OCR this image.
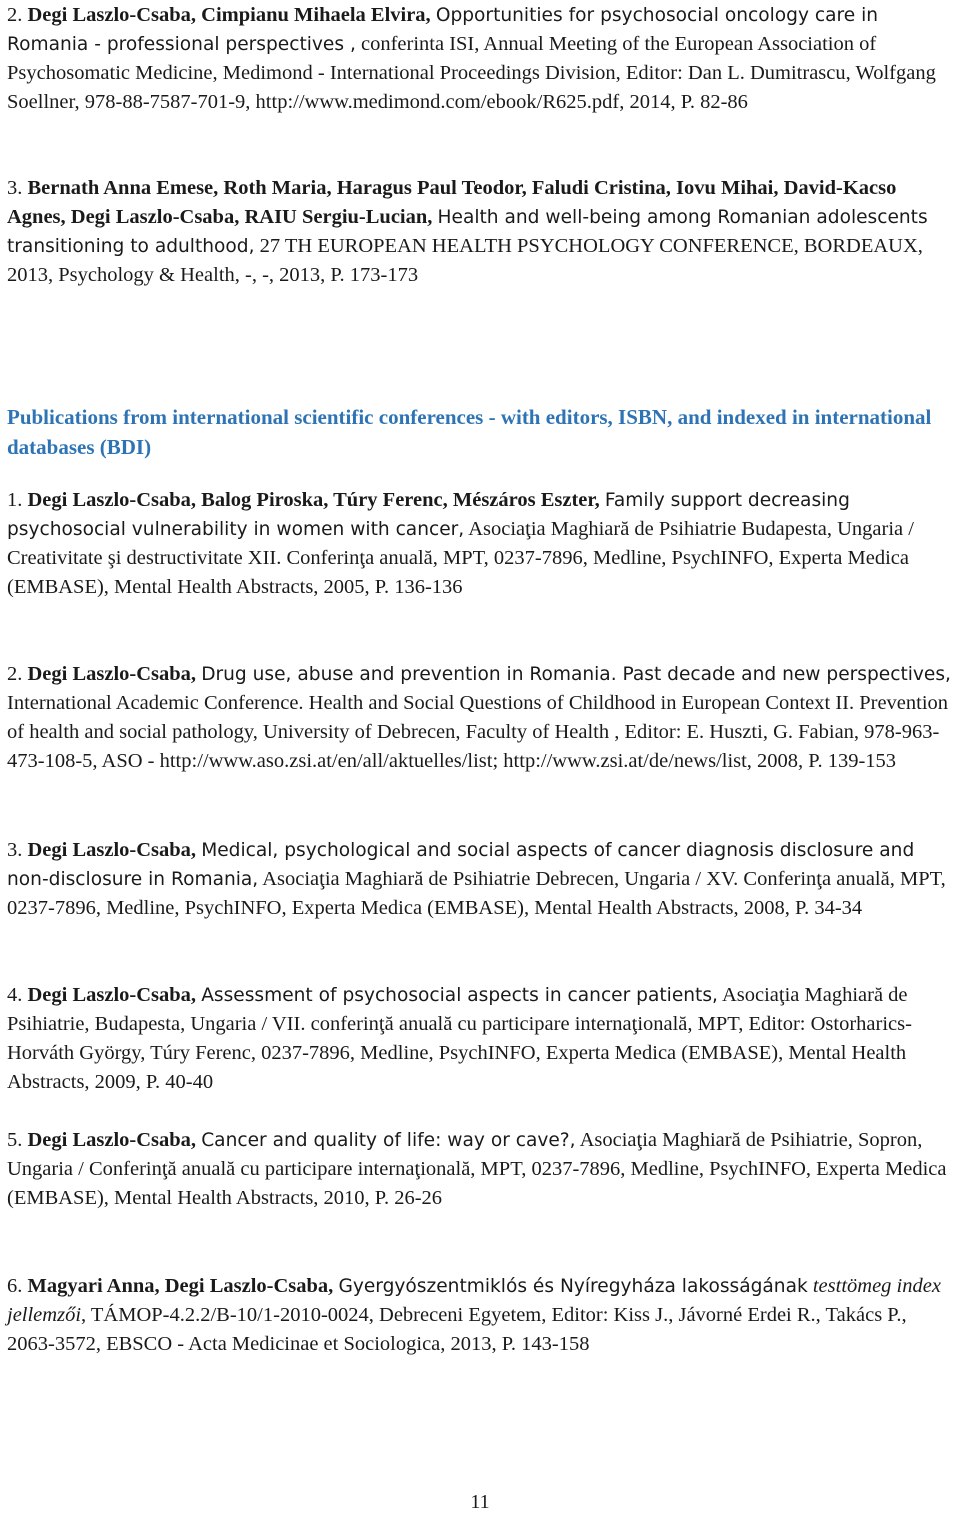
2. Degi Laszlo-Csaba, Cimpianu Mihaela Elvira, Opportunities for psychosocial oncology care in Romania - professional perspectives , conferinta ISI, Annual Meeting of the European Association of Psychosomatic Medicine, Medimond - International Proceedings Division, Editor: Dan L. Dumitrascu, Wolfgang Soellner, 978-88-7587-701-9, http://www.medimond.com/ebook/R625.pdf, 2014, P. 82-86

3. Bernath Anna Emese, Roth Maria, Haragus Paul Teodor, Faludi Cristina, Iovu Mihai, David-Kacso Agnes, Degi Laszlo-Csaba, RAIU Sergiu-Lucian, Health and well-being among Romanian adolescents transitioning to adulthood, 27 TH EUROPEAN HEALTH PSYCHOLOGY CONFERENCE, BORDEAUX, 2013, Psychology & Health, -, -, 2013, P. 173-173

Publications from international scientific conferences - with editors, ISBN, and indexed in international databases (BDI)

1. Degi Laszlo-Csaba, Balog Piroska, Túry Ferenc, Mészáros Eszter, Family support decreasing psychosocial vulnerability in women with cancer, Asociaţia Maghiară de Psihiatrie Budapesta, Ungaria / Creativitate şi destructivitate XII. Conferinţa anuală, MPT, 0237-7896, Medline, PsychINFO, Experta Medica (EMBASE), Mental Health Abstracts, 2005, P. 136-136

2. Degi Laszlo-Csaba, Drug use, abuse and prevention in Romania. Past decade and new perspectives, International Academic Conference. Health and Social Questions of Childhood in European Context II. Prevention of health and social pathology, University of Debrecen, Faculty of Health , Editor: E. Huszti, G. Fabian, 978-963-473-108-5, ASO - http://www.aso.zsi.at/en/all/aktuelles/list; http://www.zsi.at/de/news/list, 2008, P. 139-153

3. Degi Laszlo-Csaba, Medical, psychological and social aspects of cancer diagnosis disclosure and non-disclosure in Romania, Asociaţia Maghiară de Psihiatrie Debrecen, Ungaria / XV. Conferinţa anuală, MPT, 0237-7896, Medline, PsychINFO, Experta Medica (EMBASE), Mental Health Abstracts, 2008, P. 34-34

4. Degi Laszlo-Csaba, Assessment of psychosocial aspects in cancer patients, Asociaţia Maghiară de Psihiatrie, Budapesta, Ungaria / VII. conferinţă anuală cu participare internaţională, MPT, Editor: Ostorharics-Horváth György, Túry Ferenc, 0237-7896, Medline, PsychINFO, Experta Medica (EMBASE), Mental Health Abstracts, 2009, P. 40-40

5. Degi Laszlo-Csaba, Cancer and quality of life: way or cave?, Asociaţia Maghiară de Psihiatrie, Sopron, Ungaria / Conferinţă anuală cu participare internaţională, MPT, 0237-7896, Medline, PsychINFO, Experta Medica (EMBASE), Mental Health Abstracts, 2010, P. 26-26

6. Magyari Anna, Degi Laszlo-Csaba, Gyergyószentmiklós és Nyíregyháza lakosságának testtömeg index jellemzői, TÁMOP-4.2.2/B-10/1-2010-0024, Debreceni Egyetem, Editor: Kiss J., Jávorné Erdei R., Takács P., 2063-3572, EBSCO - Acta Medicinae et Sociologica, 2013, P. 143-158

11
